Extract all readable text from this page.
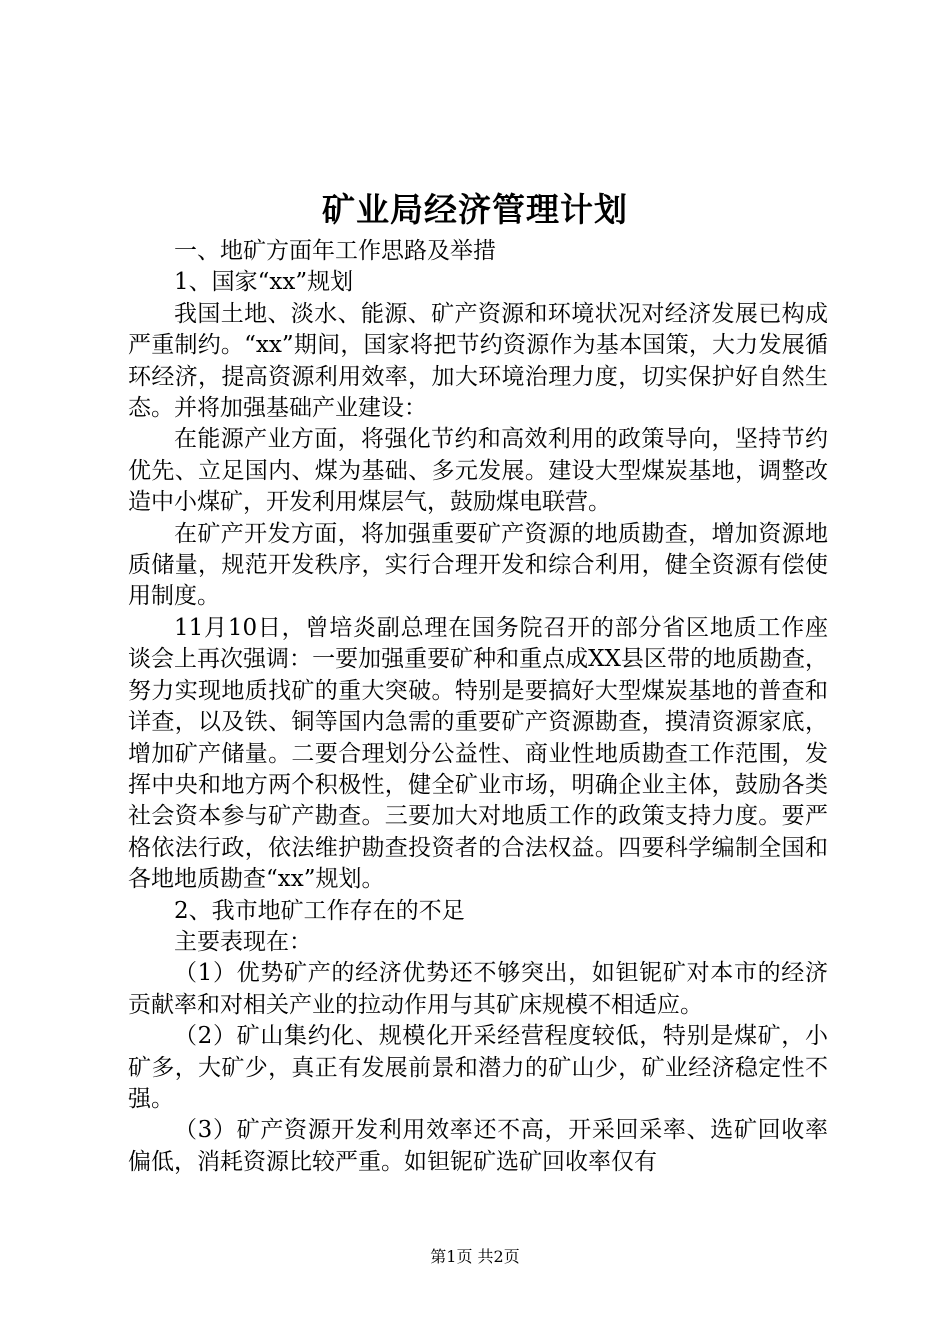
矿业局经济管理计划

一、地矿方面年工作思路及举措

1、国家“xx”规划

我国土地、淡水、能源、矿产资源和环境状况对经济发展已构成严重制约。“xx”期间，国家将把节约资源作为基本国策，大力发展循环经济，提高资源利用效率，加大环境治理力度，切实保护好自然生态。并将加强基础产业建设：

在能源产业方面，将强化节约和高效利用的政策导向，坚持节约优先、立足国内、煤为基础、多元发展。建设大型煤炭基地，调整改造中小煤矿，开发利用煤层气，鼓励煤电联营。

在矿产开发方面，将加强重要矿产资源的地质勘查，增加资源地质储量，规范开发秩序，实行合理开发和综合利用，健全资源有偿使用制度。

11月10日，曾培炎副总理在国务院召开的部分省区地质工作座谈会上再次强调：一要加强重要矿种和重点成XX县区带的地质勘查，努力实现地质找矿的重大突破。特别是要搞好大型煤炭基地的普查和详查，以及铁、铜等国内急需的重要矿产资源勘查，摸清资源家底，增加矿产储量。二要合理划分公益性、商业性地质勘查工作范围，发挥中央和地方两个积极性，健全矿业市场，明确企业主体，鼓励各类社会资本参与矿产勘查。三要加大对地质工作的政策支持力度。要严格依法行政，依法维护勘查投资者的合法权益。四要科学编制全国和各地地质勘查“xx”规划。

2、我市地矿工作存在的不足

主要表现在：

（1）优势矿产的经济优势还不够突出，如钽铌矿对本市的经济贡献率和对相关产业的拉动作用与其矿床规模不相适应。

（2）矿山集约化、规模化开采经营程度较低，特别是煤矿，小矿多，大矿少，真正有发展前景和潜力的矿山少，矿业经济稳定性不强。

（3）矿产资源开发利用效率还不高，开采回采率、选矿回收率偏低，消耗资源比较严重。如钽铌矿选矿回收率仅有

第1页 共2页
